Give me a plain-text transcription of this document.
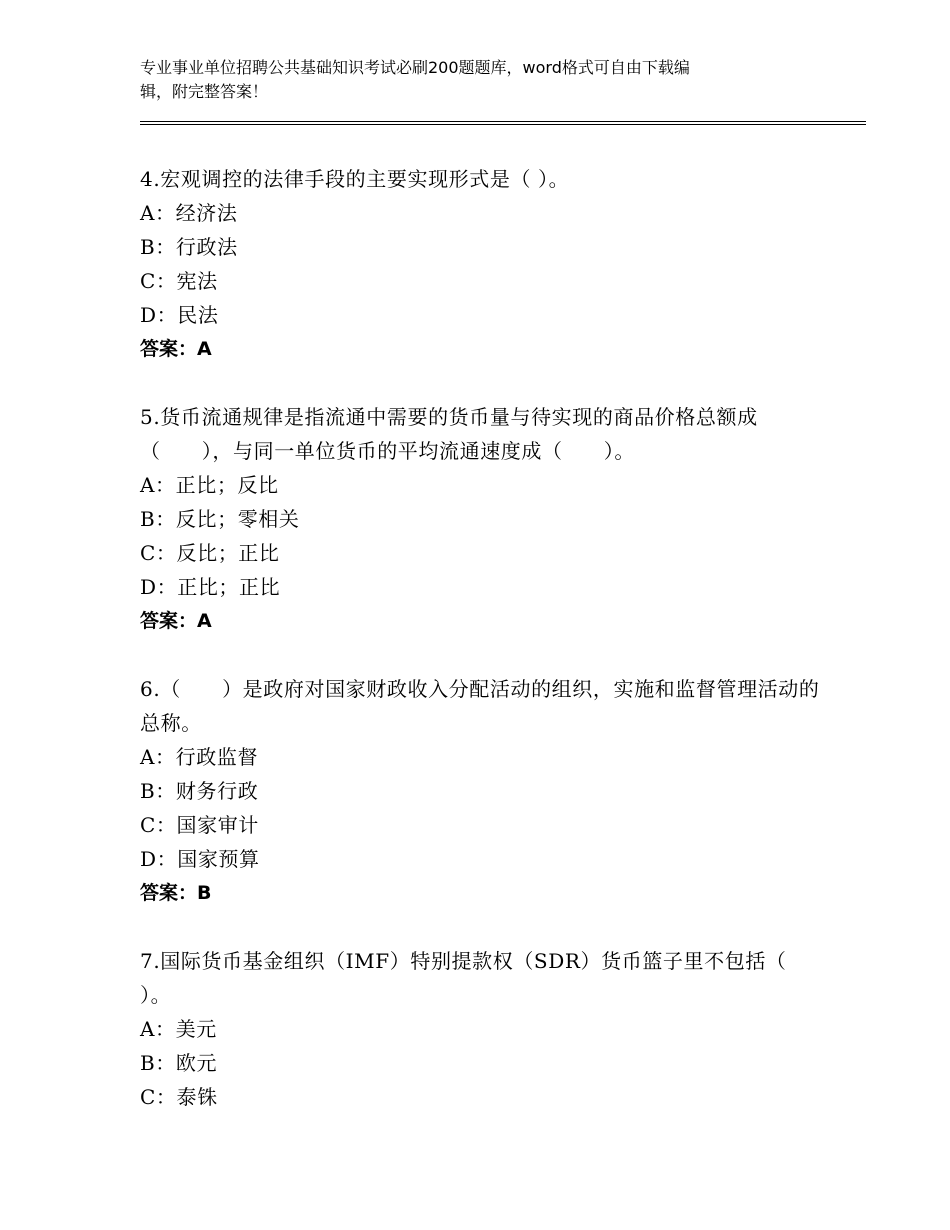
专业事业单位招聘公共基础知识考试必刷200题题库，word格式可自由下载编
辑，附完整答案！
4.宏观调控的法律手段的主要实现形式是（ ）。
A：经济法
B：行政法
C：宪法
D：民法
答案：A
5.货币流通规律是指流通中需要的货币量与待实现的商品价格总额成（　　），与同一单位货币的平均流通速度成（　　）。
A：正比；反比
B：反比；零相关
C：反比；正比
D：正比；正比
答案：A
6.（　　）是政府对国家财政收入分配活动的组织，实施和监督管理活动的总称。
A：行政监督
B：财务行政
C：国家审计
D：国家预算
答案：B
7.国际货币基金组织（IMF）特别提款权（SDR）货币篮子里不包括（ ）。
A：美元
B：欧元
C：泰铢
